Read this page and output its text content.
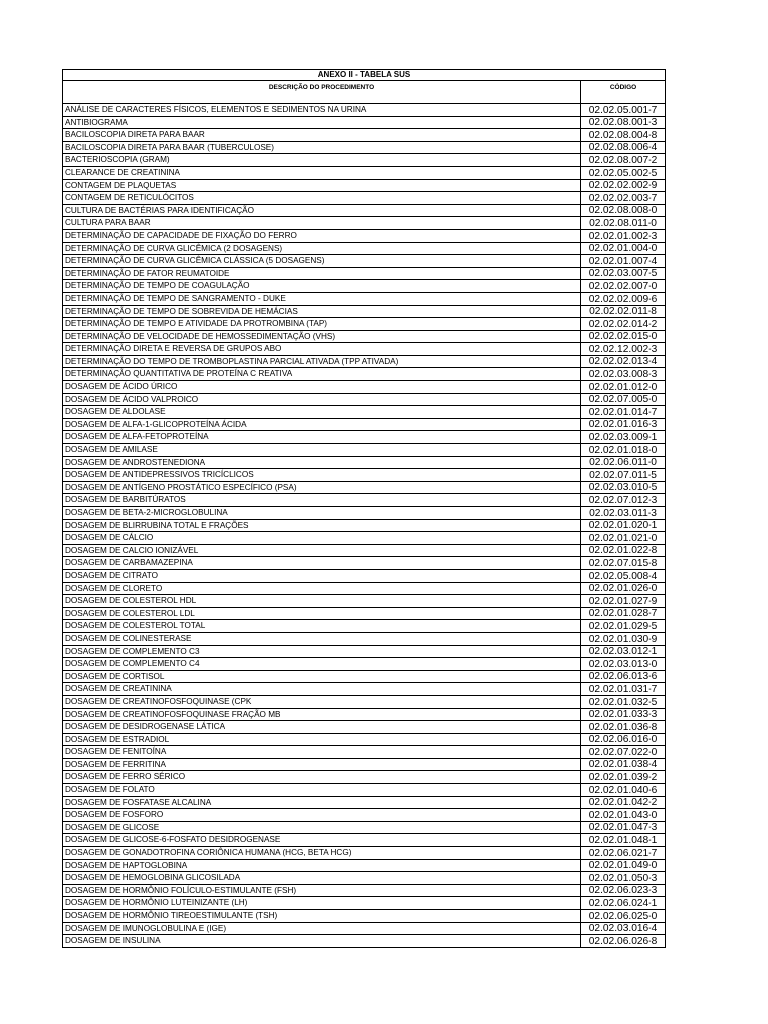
ANEXO II - TABELA SUS	
DESCRIÇÃO DO PROCEDIMENTO	CÓDIGO
ANÁLISE DE CARACTERES FÍSICOS, ELEMENTOS E SEDIMENTOS NA URINA	02.02.05.001-7
ANTIBIOGRAMA	02.02.08.001-3
BACILOSCOPIA DIRETA PARA BAAR	02.02.08.004-8
BACILOSCOPIA DIRETA PARA BAAR (TUBERCULOSE)	02.02.08.006-4
BACTERIOSCOPIA (GRAM)	02.02.08.007-2
CLEARANCE DE CREATININA	02.02.05.002-5
CONTAGEM DE PLAQUETAS	02.02.02.002-9
CONTAGEM DE RETICULÓCITOS	02.02.02.003-7
CULTURA DE BACTÉRIAS PARA IDENTIFICAÇÃO	02.02.08.008-0
CULTURA PARA BAAR	02.02.08.011-0
DETERMINAÇÃO DE CAPACIDADE DE FIXAÇÃO DO FERRO	02.02.01.002-3
DETERMINAÇÃO DE CURVA GLICÊMICA (2 DOSAGENS)	02.02.01.004-0
DETERMINAÇÃO DE CURVA GLICÊMICA CLÁSSICA (5 DOSAGENS)	02.02.01.007-4
DETERMINAÇÃO DE FATOR REUMATOIDE	02.02.03.007-5
DETERMINAÇÃO DE TEMPO DE COAGULAÇÃO	02.02.02.007-0
DETERMINAÇÃO DE TEMPO DE SANGRAMENTO - DUKE	02.02.02.009-6
DETERMINAÇÃO DE TEMPO DE SOBREVIDA DE HEMÁCIAS	02.02.02.011-8
DETERMINAÇÃO DE TEMPO E ATIVIDADE DA PROTROMBINA (TAP)	02.02.02.014-2
DETERMINAÇÃO DE VELOCIDADE DE HEMOSSEDIMENTAÇÃO (VHS)	02.02.02.015-0
DETERMINAÇÃO DIRETA E REVERSA DE GRUPOS ABO	02.02.12.002-3
DETERMINAÇÃO DO TEMPO DE TROMBOPLASTINA PARCIAL ATIVADA (TPP ATIVADA)	02.02.02.013-4
DETERMINAÇÃO QUANTITATIVA DE PROTEÍNA C REATIVA	02.02.03.008-3
DOSAGEM DE ÁCIDO ÚRICO	02.02.01.012-0
DOSAGEM DE ÁCIDO VALPROICO	02.02.07.005-0
DOSAGEM DE ALDOLASE	02.02.01.014-7
DOSAGEM DE ALFA-1-GLICOPROTEÍNA ÁCIDA	02.02.01.016-3
DOSAGEM DE ALFA-FETOPROTEÍNA	02.02.03.009-1
DOSAGEM DE AMILASE	02.02.01.018-0
DOSAGEM DE ANDROSTENEDIONA	02.02.06.011-0
DOSAGEM DE ANTIDEPRESSIVOS TRICÍCLICOS	02.02.07.011-5
DOSAGEM DE ANTÍGENO PROSTÁTICO ESPECÍFICO (PSA)	02.02.03.010-5
DOSAGEM DE BARBITÚRATOS	02.02.07.012-3
DOSAGEM DE BETA-2-MICROGLOBULINA	02.02.03.011-3
DOSAGEM DE BLIRRUBINA TOTAL E FRAÇÕES	02.02.01.020-1
DOSAGEM DE CÁLCIO	02.02.01.021-0
DOSAGEM DE CALCIO IONIZÁVEL	02.02.01.022-8
DOSAGEM DE CARBAMAZEPINA	02.02.07.015-8
DOSAGEM DE CITRATO	02.02.05.008-4
DOSAGEM DE CLORETO	02.02.01.026-0
DOSAGEM DE COLESTEROL HDL	02.02.01.027-9
DOSAGEM DE COLESTEROL LDL	02.02.01.028-7
DOSAGEM DE COLESTEROL TOTAL	02.02.01.029-5
DOSAGEM DE COLINESTERASE	02.02.01.030-9
DOSAGEM DE COMPLEMENTO C3	02.02.03.012-1
DOSAGEM DE COMPLEMENTO C4	02.02.03.013-0
DOSAGEM DE CORTISOL	02.02.06.013-6
DOSAGEM DE CREATININA	02.02.01.031-7
DOSAGEM DE CREATINOFOSFOQUINASE (CPK	02.02.01.032-5
DOSAGEM DE CREATINOFOSFOQUINASE FRAÇÃO MB	02.02.01.033-3
DOSAGEM DE DESIDROGENASE LÁTICA	02.02.01.036-8
DOSAGEM DE ESTRADIOL	02.02.06.016-0
DOSAGEM DE FENITOÍNA	02.02.07.022-0
DOSAGEM DE FERRITINA	02.02.01.038-4
DOSAGEM DE FERRO SÉRICO	02.02.01.039-2
DOSAGEM DE FOLATO	02.02.01.040-6
DOSAGEM DE FOSFATASE ALCALINA	02.02.01.042-2
DOSAGEM DE FOSFORO	02.02.01.043-0
DOSAGEM DE GLICOSE	02.02.01.047-3
DOSAGEM DE GLICOSE-6-FOSFATO DESIDROGENASE	02.02.01.048-1
DOSAGEM DE GONADOTROFINA CORIÔNICA HUMANA (HCG, BETA HCG)	02.02.06.021-7
DOSAGEM DE HAPTOGLOBINA	02.02.01.049-0
DOSAGEM DE HEMOGLOBINA GLICOSILADA	02.02.01.050-3
DOSAGEM DE HORMÔNIO FOLÍCULO-ESTIMULANTE (FSH)	02.02.06.023-3
DOSAGEM DE HORMÔNIO LUTEINIZANTE (LH)	02.02.06.024-1
DOSAGEM DE HORMÔNIO TIREOESTIMULANTE (TSH)	02.02.06.025-0
DOSAGEM DE IMUNOGLOBULINA E (IGE)	02.02.03.016-4
DOSAGEM DE INSULINA	02.02.06.026-8
